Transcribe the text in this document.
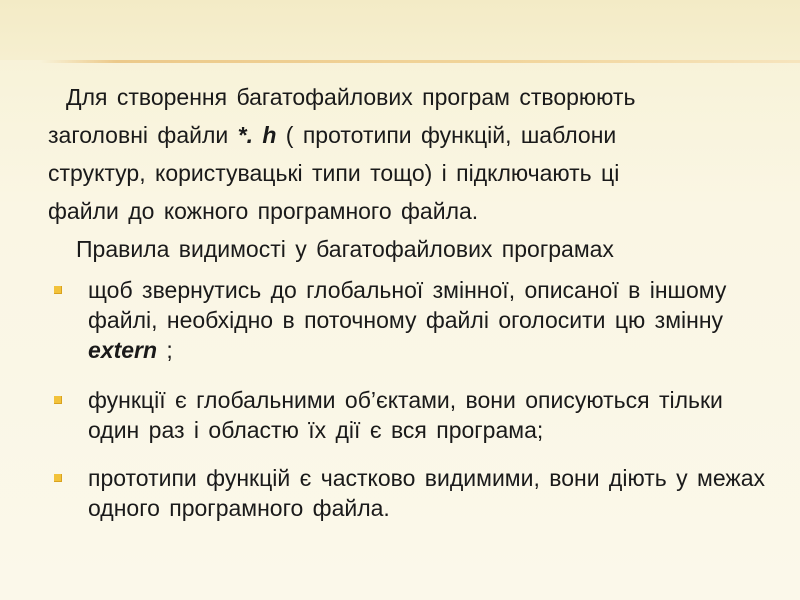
Для створення багатофайлових програм створюють

заголовні файли *. h ( прототипи функцій, шаблони

структур, користувацькі типи тощо) і підключають ці

файли до кожного програмного файла.

Правила видимості у багатофайлових програмах

щоб звернутись до глобальної змінної, описаної в іншому файлі, необхідно в поточному файлі оголосити цю змінну extern ;
функції є глобальними об’єктами, вони описуються тільки один раз і областю їх дії є вся програма;
прототипи функцій є частково видимими, вони діють у межах одного програмного файла.
